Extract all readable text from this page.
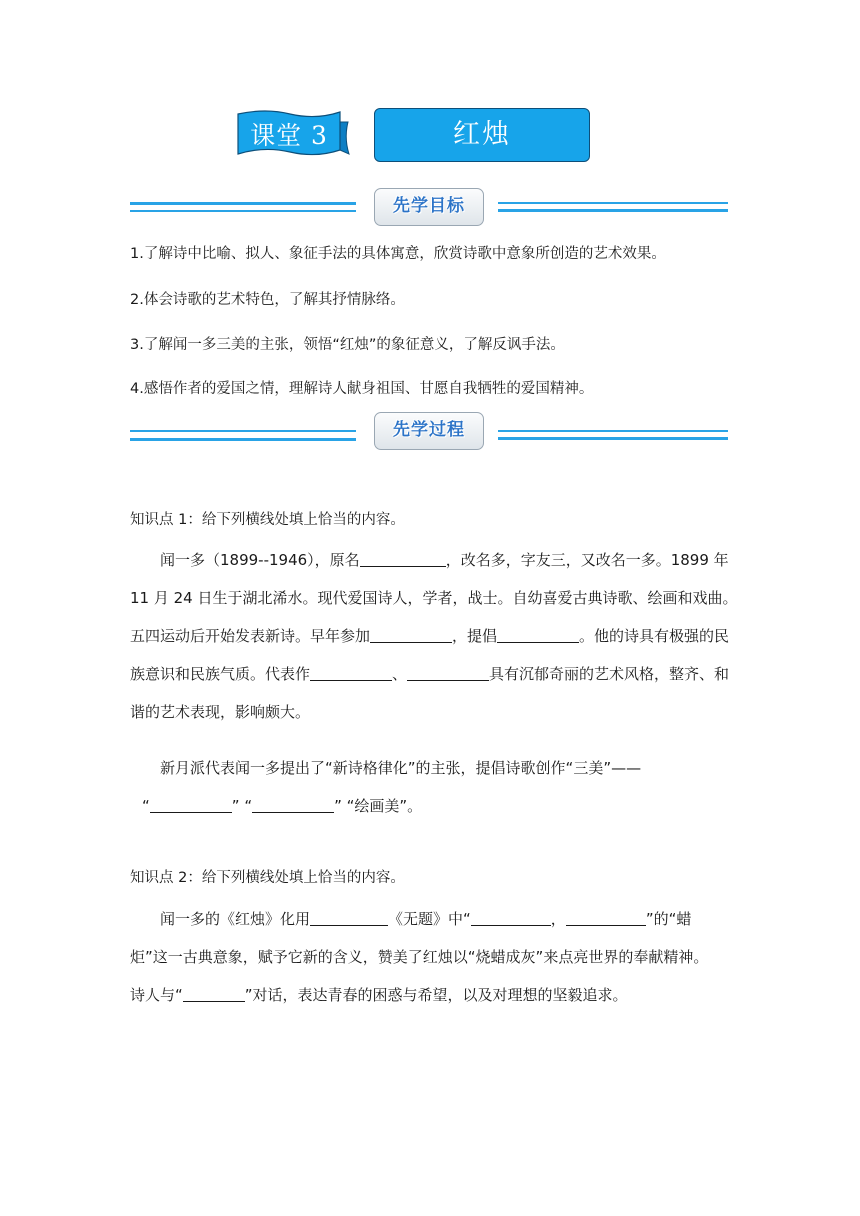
课堂 3	红烛
先学目标
1.了解诗中比喻、拟人、象征手法的具体寓意，欣赏诗歌中意象所创造的艺术效果。
2.体会诗歌的艺术特色，了解其抒情脉络。
3.了解闻一多三美的主张，领悟“红烛”的象征意义，了解反讽手法。
4.感悟作者的爱国之情，理解诗人献身祖国、甘愿自我牺牲的爱国精神。
先学过程
知识点 1：给下列横线处填上恰当的内容。
闻一多（1899--1946），原名	，改名多，字友三，又改名一多。1899 年
11 月 24 日生于湖北浠水。现代爱国诗人，学者，战士。自幼喜爱古典诗歌、绘画和戏曲。
五四运动后开始发表新诗。早年参加	，提倡	。他的诗具有极强的民
族意识和民族气质。代表作	、	具有沉郁奇丽的艺术风格，整齐、和
谐的艺术表现，影响颇大。
新月派代表闻一多提出了“新诗格律化”的主张，提倡诗歌创作“三美”——
“	” “	” “绘画美”。
知识点 2：给下列横线处填上恰当的内容。
闻一多的《红烛》化用	《无题》中“	，	”的“蜡
炬”这一古典意象，赋予它新的含义，赞美了红烛以“烧蜡成灰”来点亮世界的奉献精神。
诗人与“	”对话，表达青春的困惑与希望，以及对理想的坚毅追求。
